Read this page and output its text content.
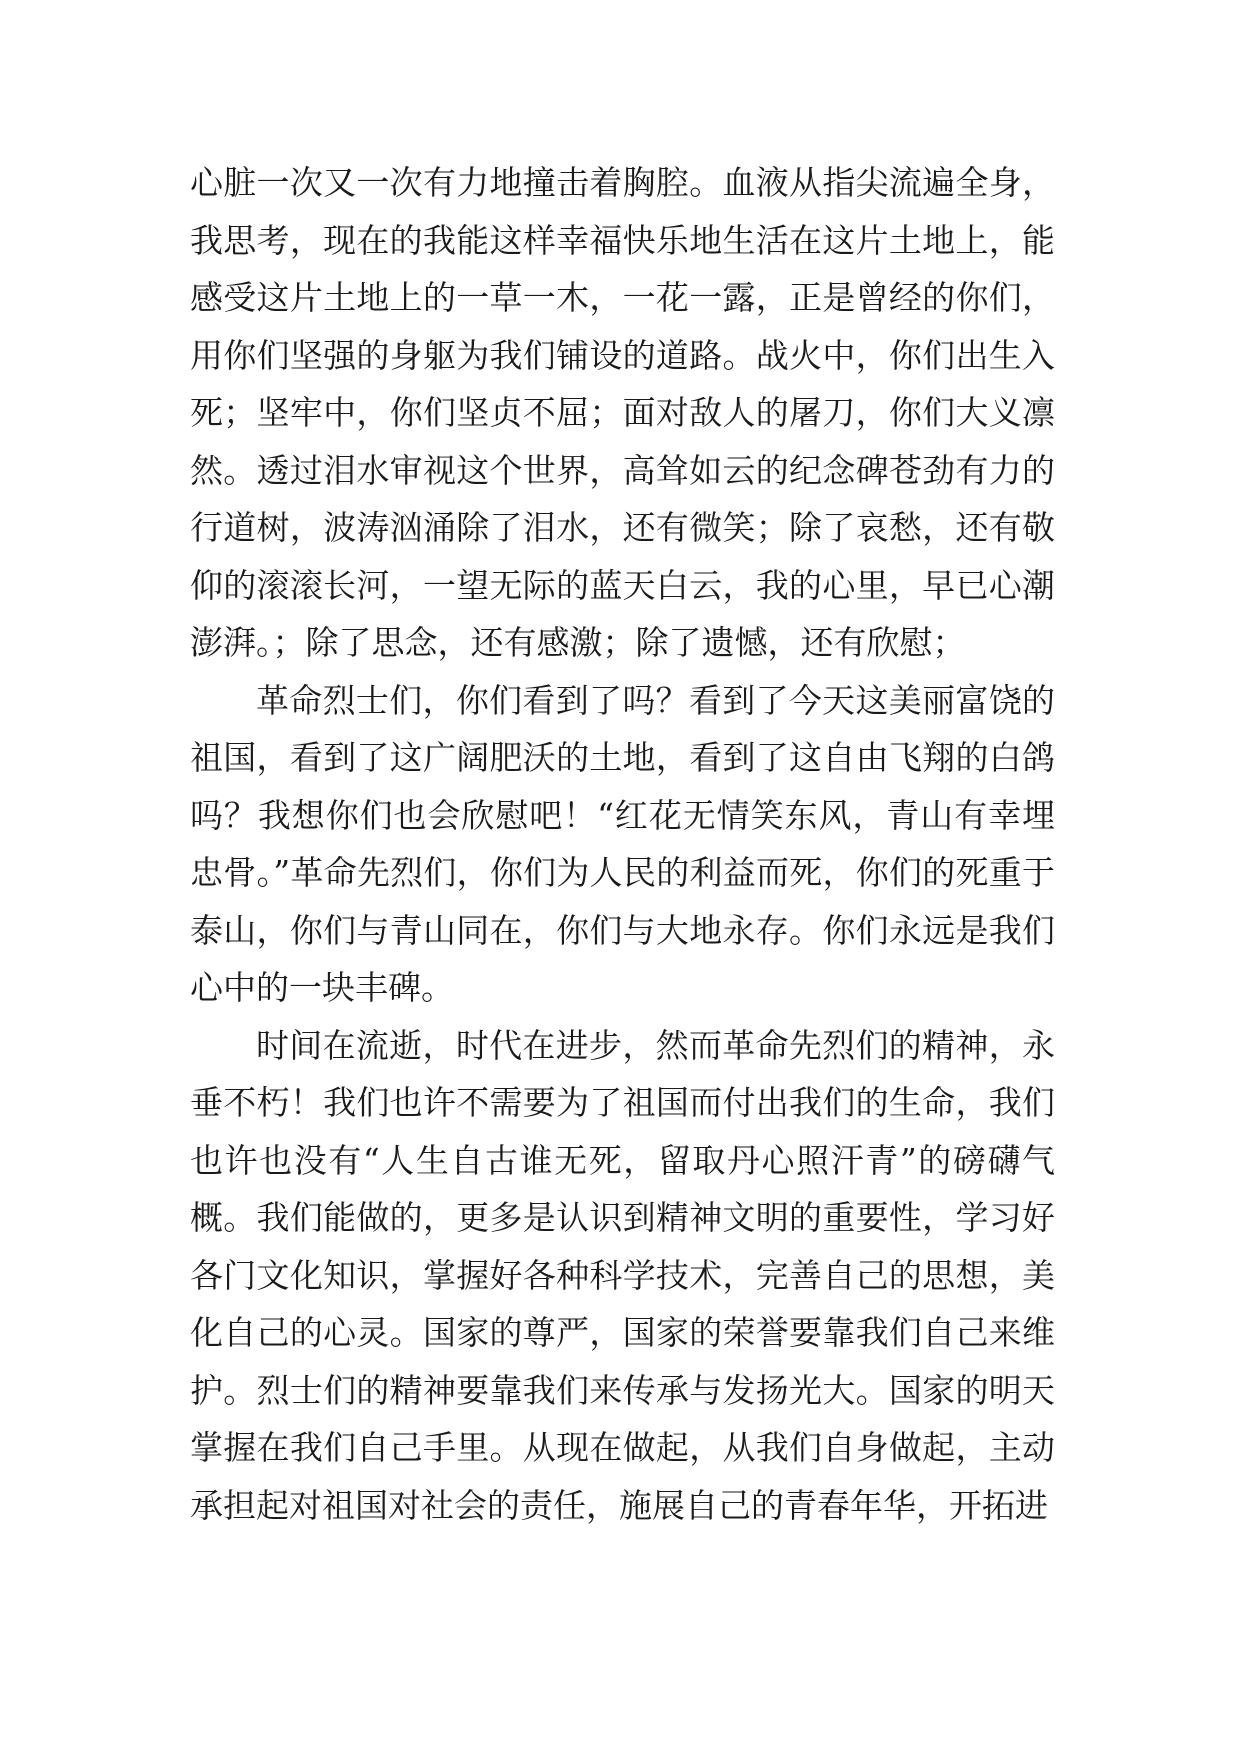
心脏一次又一次有力地撞击着胸腔。血液从指尖流遍全身，我思考，现在的我能这样幸福快乐地生活在这片土地上，能感受这片土地上的一草一木，一花一露，正是曾经的你们，用你们坚强的身躯为我们铺设的道路。战火中，你们出生入死；坚牢中，你们坚贞不屈；面对敌人的屠刀，你们大义凛然。透过泪水审视这个世界，高耸如云的纪念碑苍劲有力的行道树，波涛汹涌除了泪水，还有微笑；除了哀愁，还有敬仰的滚滚长河，一望无际的蓝天白云，我的心里，早已心潮澎湃。；除了思念，还有感激；除了遗憾，还有欣慰；

革命烈士们，你们看到了吗？看到了今天这美丽富饶的祖国，看到了这广阔肥沃的土地，看到了这自由飞翔的白鸽吗？我想你们也会欣慰吧！“红花无情笑东风，青山有幸埋忠骨。”革命先烈们，你们为人民的利益而死，你们的死重于泰山，你们与青山同在，你们与大地永存。你们永远是我们心中的一块丰碑。

时间在流逝，时代在进步，然而革命先烈们的精神，永垂不朽！我们也许不需要为了祖国而付出我们的生命，我们也许也没有“人生自古谁无死，留取丹心照汗青”的磅礴气概。我们能做的，更多是认识到精神文明的重要性，学习好各门文化知识，掌握好各种科学技术，完善自己的思想，美化自己的心灵。国家的尊严，国家的荣誉要靠我们自己来维护。烈士们的精神要靠我们来传承与发扬光大。国家的明天掌握在我们自己手里。从现在做起，从我们自身做起，主动承担起对祖国对社会的责任，施展自己的青春年华，开拓进
